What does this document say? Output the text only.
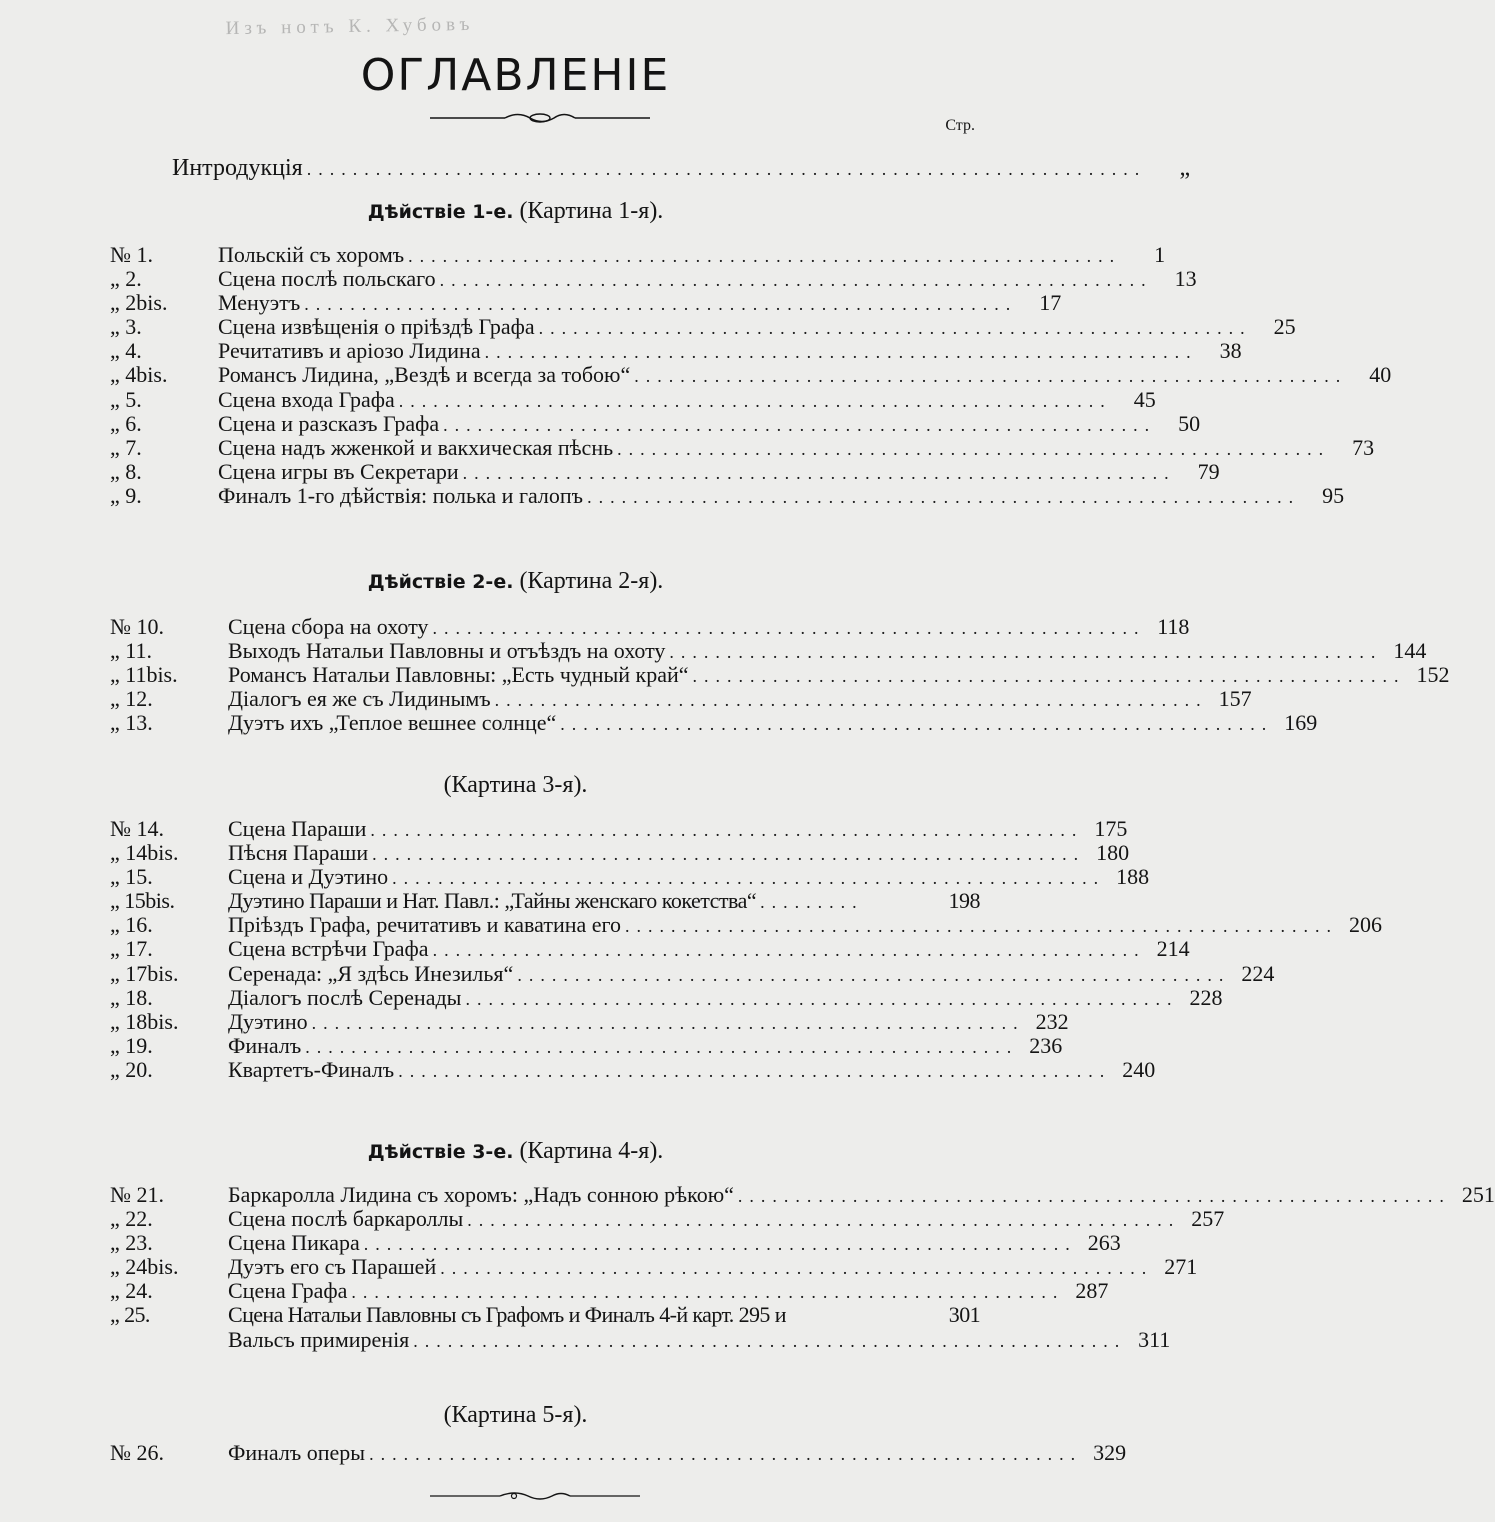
Изъ нотъ К. Хубовъ
ОГЛАВЛЕНІЕ
Стр.
Интродукція .........................................................................	„
Дѣйствіе 1-е. (Картина 1-я).
№ 1.	Польскій съ хоромъ ..............................................................	1
„ 2.	Сцена послѣ польскаго ..............................................................	13
„ 2bis.	Менуэтъ ..............................................................	17
„ 3.	Сцена извѣщенія о пріѣздѣ Графа ..............................................................	25
„ 4.	Речитативъ и аріозо Лидина ..............................................................	38
„ 4bis.	Романсъ Лидина, „Вездѣ и всегда за тобою“ ..............................................................	40
„ 5.	Сцена входа Графа ..............................................................	45
„ 6.	Сцена и разсказъ Графа ..............................................................	50
„ 7.	Сцена надъ жженкой и вакхическая пѣснь ..............................................................	73
„ 8.	Сцена игры въ Секретари ..............................................................	79
„ 9.	Финалъ 1-го дѣйствія: полька и галопъ ..............................................................	95
Дѣйствіе 2-е. (Картина 2-я).
№ 10.	Сцена сбора на охоту .............................................................. 118
„ 11.	Выходъ Натальи Павловны и отъѣздъ на охоту .............................................................. 144
„ 11bis.	Романсъ Натальи Павловны: „Есть чудный край“ .............................................................. 152
„ 12.	Діалогъ ея же съ Лидинымъ .............................................................. 157
„ 13.	Дуэтъ ихъ „Теплое вешнее солнце“ .............................................................. 169
(Картина 3-я).
№ 14.	Сцена Параши .............................................................. 175
„ 14bis.	Пѣсня Параши .............................................................. 180
„ 15.	Сцена и Дуэтино .............................................................. 188
„ 15bis.	Дуэтино Параши и Нат. Павл.: „Тайны женскаго кокетства“ .........	198
„ 16.	Пріѣздъ Графа, речитативъ и каватина его .............................................................. 206
„ 17.	Сцена встрѣчи Графа .............................................................. 214
„ 17bis.	Серенада: „Я здѣсь Инезилья“ .............................................................. 224
„ 18.	Діалогъ послѣ Серенады .............................................................. 228
„ 18bis.	Дуэтино .............................................................. 232
„ 19.	Финалъ .............................................................. 236
„ 20.	Квартетъ-Финалъ .............................................................. 240
Дѣйствіе 3-е. (Картина 4-я).
№ 21.	Баркаролла Лидина съ хоромъ: „Надъ сонною рѣкою“ .............................................................. 251
„ 22.	Сцена послѣ баркароллы .............................................................. 257
„ 23.	Сцена Пикара .............................................................. 263
„ 24bis.	Дуэтъ его съ Парашей .............................................................. 271
„ 24.	Сцена Графа .............................................................. 287
„ 25.	Сцена Натальи Павловны съ Графомъ и Финалъ 4-й карт. 295 и	301
Вальсъ примиренія .............................................................. 311
(Картина 5-я).
№ 26.	Финалъ оперы .............................................................. 329
